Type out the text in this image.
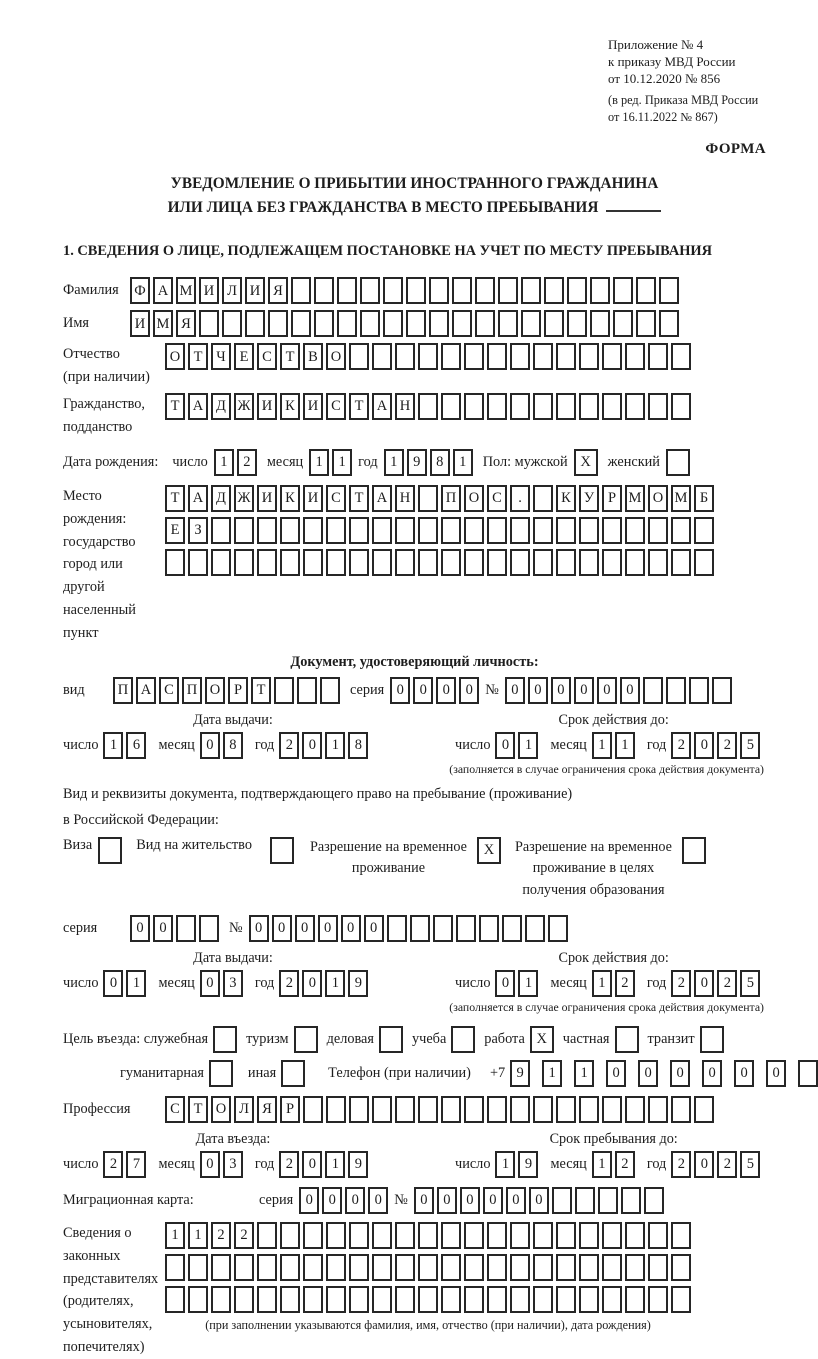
Приложение № 4
к приказу МВД России
от 10.12.2020 № 856
(в ред. Приказа МВД России
от 16.11.2022 № 867)
ФОРМА
УВЕДОМЛЕНИЕ О ПРИБЫТИИ ИНОСТРАННОГО ГРАЖДАНИНА
ИЛИ ЛИЦА БЕЗ ГРАЖДАНСТВА В МЕСТО ПРЕБЫВАНИЯ
1. СВЕДЕНИЯ О ЛИЦЕ, ПОДЛЕЖАЩЕМ ПОСТАНОВКЕ НА УЧЕТ ПО МЕСТУ ПРЕБЫВАНИЯ
Фамилия	Ф А М И Л И Я
Имя	И М Я
Отчество
(при наличии)
О Т Ч Е С Т В О
Гражданство,
подданство
Т А Д Ж И К И С Т А Н
Дата рождения: число 1	2	месяц 1	1 год 1	9	8	1	Пол: мужской X	женский
Место рождения:
государство
город или другой
населенный пункт
Т А Д Ж И К И С Т А Н	П О С	.	К У Р М О М Б
Е	З
Документ, удостоверяющий личность:
вид	П А С П О Р	Т	серия 0	0	0	0 № 0	0	0	0	0	0
Дата выдачи:
число 1	6	месяц 0	8	год 2	0	1	8
Срок действия до:
число 0	1	месяц 1	1	год 2	0	2	5
(заполняется в случае ограничения срока действия документа)
Вид и реквизиты документа, подтверждающего право на пребывание (проживание)
в Российской Федерации:
Виза	Вид на жительство	Разрешение на временное
проживание
X	Разрешение на временное
проживание в целях
получения образования
серия	0	0	№ 0	0	0	0	0	0
Дата выдачи:
число 0	1	месяц 0	3	год 2	0	1	9
Срок действия до:
число 0	1	месяц 1	2	год 2	0	2	5
(заполняется в случае ограничения срока действия документа)
Цель въезда: служебная	туризм	деловая	учеба	работа X	частная	транзит
гуманитарная	иная	Телефон (при наличии) +7 9	1	1	0	0	0	0	0	0
Профессия	С Т О Л Я Р
Дата въезда:
число 2	7	месяц 0	3	год 2	0	1	9
Срок пребывания до:
число 1	9	месяц 1	2	год 2	0	2	5
Миграционная карта:	серия 0	0	0	0 № 0	0	0	0	0	0
Сведения о
законных
представителях
(родителях,
усыновителях,
попечителях)
1	1	2	2
(при заполнении указываются фамилия, имя, отчество (при наличии), дата рождения)
